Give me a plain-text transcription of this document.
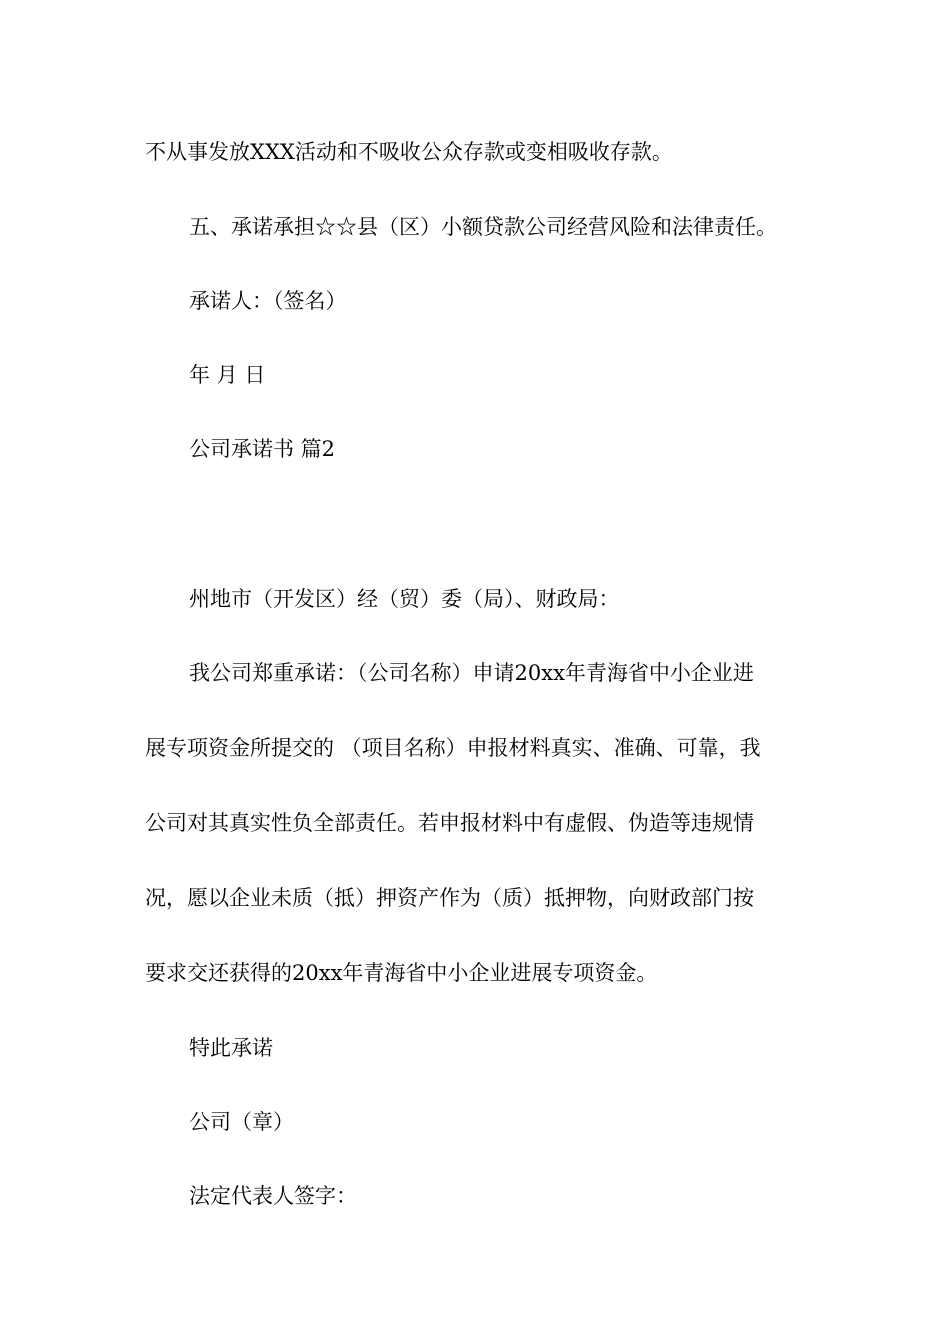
不从事发放XXX活动和不吸收公众存款或变相吸收存款。
五、承诺承担☆☆县（区）小额贷款公司经营风险和法律责任。
承诺人：（签名）
年 月 日
公司承诺书 篇2
州地市（开发区）经（贸）委（局）、财政局：
我公司郑重承诺：（公司名称）申请20xx年青海省中小企业进
展专项资金所提交的 （项目名称）申报材料真实、准确、可靠，我
公司对其真实性负全部责任。若申报材料中有虚假、伪造等违规情
况，愿以企业未质（抵）押资产作为（质）抵押物，向财政部门按
要求交还获得的20xx年青海省中小企业进展专项资金。
特此承诺
公司（章）
法定代表人签字：
